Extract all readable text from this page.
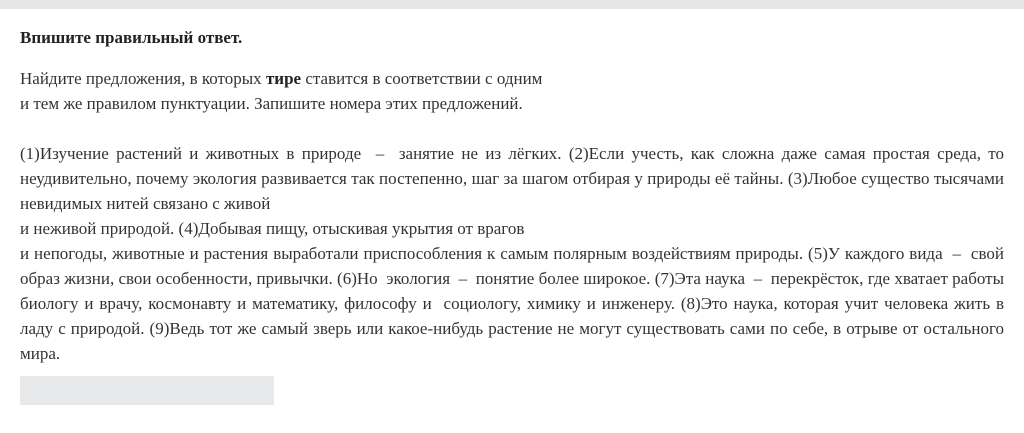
Впишите правильный ответ.

Найдите предложения, в которых тире ставится в соответствии с одним
и тем же правилом пунктуации. Запишите номера этих предложений.

(1)Изучение растений и животных в природе  –  занятие не из лёгких. (2)Если учесть, как сложна даже самая простая среда, то неудивительно, почему экология развивается так постепенно, шаг за шагом отбирая у природы её тайны. (3)Любое существо тысячами невидимых нитей связано с живой
и неживой природой. (4)Добывая пищу, отыскивая укрытия от врагов
и непогоды, животные и растения выработали приспособления к самым полярным воздействиям природы. (5)У каждого вида  –  свой образ жизни, свои особенности, привычки. (6)Но  экология  –  понятие более широкое. (7)Эта наука  –  перекрёсток, где хватает работы биологу и врачу, космонавту и математику, философу и  социологу, химику и инженеру. (8)Это наука, которая учит человека жить в ладу с природой. (9)Ведь тот же самый зверь или какое-нибудь растение не могут существовать сами по себе, в отрыве от остального мира.
